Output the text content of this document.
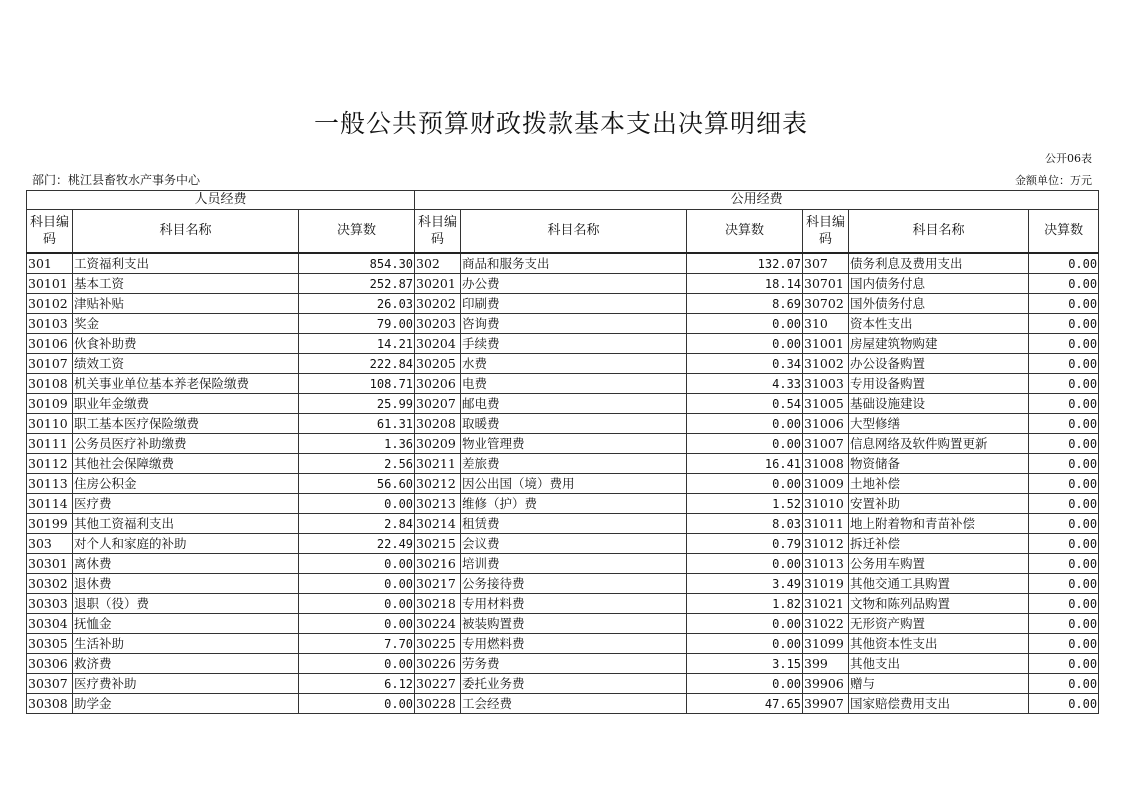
一般公共预算财政拨款基本支出决算明细表
公开06表
部门：桃江县畜牧水产事务中心	金额单位：万元
人员经费			公用经费					
科目编码	科目名称	决算数	科目编码	科目名称	决算数	科目编码	科目名称	决算数
301	工资福利支出	854.30	302	商品和服务支出	132.07	307	债务利息及费用支出	0.00
30101	基本工资	252.87	30201	办公费	18.14	30701	国内债务付息	0.00
30102	津贴补贴	26.03	30202	印刷费	8.69	30702	国外债务付息	0.00
30103	奖金	79.00	30203	咨询费	0.00	310	资本性支出	0.00
30106	伙食补助费	14.21	30204	手续费	0.00	31001	房屋建筑物购建	0.00
30107	绩效工资	222.84	30205	水费	0.34	31002	办公设备购置	0.00
30108	机关事业单位基本养老保险缴费	108.71	30206	电费	4.33	31003	专用设备购置	0.00
30109	职业年金缴费	25.99	30207	邮电费	0.54	31005	基础设施建设	0.00
30110	职工基本医疗保险缴费	61.31	30208	取暖费	0.00	31006	大型修缮	0.00
30111	公务员医疗补助缴费	1.36	30209	物业管理费	0.00	31007	信息网络及软件购置更新	0.00
30112	其他社会保障缴费	2.56	30211	差旅费	16.41	31008	物资储备	0.00
30113	住房公积金	56.60	30212	因公出国（境）费用	0.00	31009	土地补偿	0.00
30114	医疗费	0.00	30213	维修（护）费	1.52	31010	安置补助	0.00
30199	其他工资福利支出	2.84	30214	租赁费	8.03	31011	地上附着物和青苗补偿	0.00
303	对个人和家庭的补助	22.49	30215	会议费	0.79	31012	拆迁补偿	0.00
30301	离休费	0.00	30216	培训费	0.00	31013	公务用车购置	0.00
30302	退休费	0.00	30217	公务接待费	3.49	31019	其他交通工具购置	0.00
30303	退职（役）费	0.00	30218	专用材料费	1.82	31021	文物和陈列品购置	0.00
30304	抚恤金	0.00	30224	被装购置费	0.00	31022	无形资产购置	0.00
30305	生活补助	7.70	30225	专用燃料费	0.00	31099	其他资本性支出	0.00
30306	救济费	0.00	30226	劳务费	3.15	399	其他支出	0.00
30307	医疗费补助	6.12	30227	委托业务费	0.00	39906	赠与	0.00
30308	助学金	0.00	30228	工会经费	47.65	39907	国家赔偿费用支出	0.00
